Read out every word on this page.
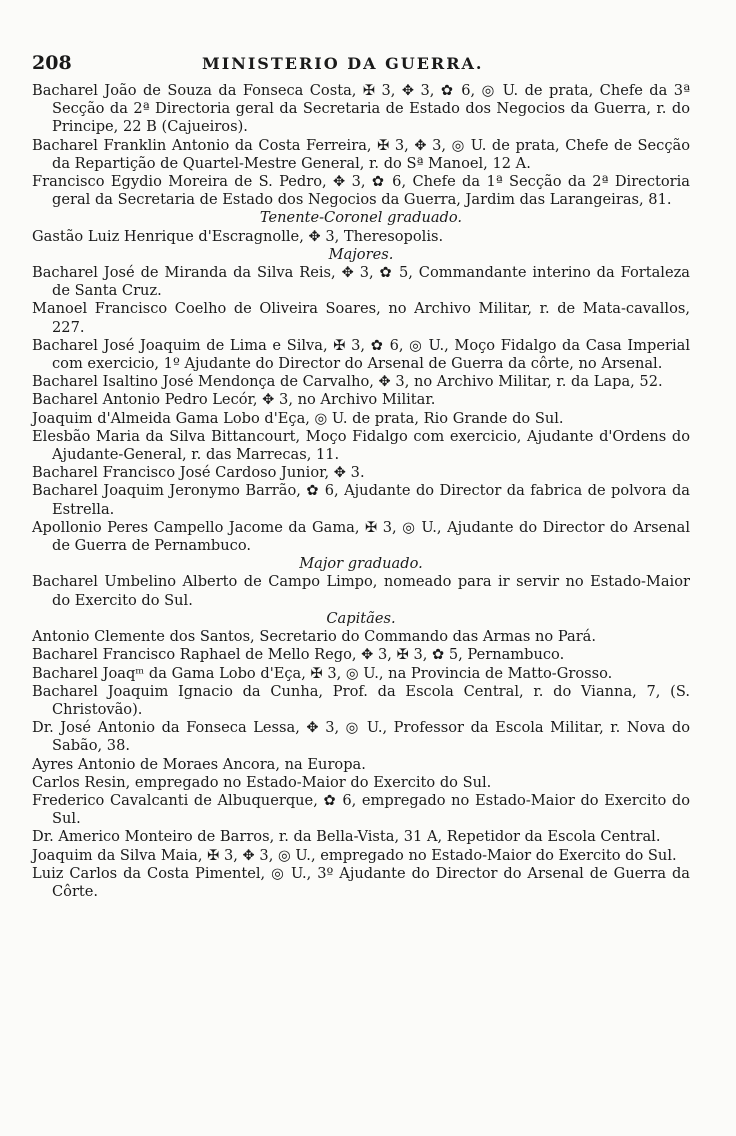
208	MINISTERIO DA GUERRA.

Bacharel João de Souza da Fonseca Costa, ✠ 3, ✥ 3, ✿ 6, ◎ U. de prata, Chefe da 3ª Secção da 2ª Directoria geral da Secretaria de Estado dos Negocios da Guerra, r. do Principe, 22 B (Cajueiros).

Bacharel Franklin Antonio da Costa Ferreira, ✠ 3, ✥ 3, ◎ U. de prata, Chefe de Secção da Repartição de Quartel-Mestre General, r. do Sª Manoel, 12 A.

Francisco Egydio Moreira de S. Pedro, ✥ 3, ✿ 6, Chefe da 1ª Secção da 2ª Directoria geral da Secretaria de Estado dos Negocios da Guerra, Jardim das Larangeiras, 81.

Tenente-Coronel graduado.

Gastão Luiz Henrique d'Escragnolle, ✥ 3, Theresopolis.

Majores.

Bacharel José de Miranda da Silva Reis, ✥ 3, ✿ 5, Commandante interino da Fortaleza de Santa Cruz.

Manoel Francisco Coelho de Oliveira Soares, no Archivo Militar, r. de Mata-cavallos, 227.

Bacharel José Joaquim de Lima e Silva, ✠ 3, ✿ 6, ◎ U., Moço Fidalgo da Casa Imperial com exercicio, 1º Ajudante do Director do Arsenal de Guerra da côrte, no Arsenal.

Bacharel Isaltino José Mendonça de Carvalho, ✥ 3, no Archivo Militar, r. da Lapa, 52.

Bacharel Antonio Pedro Lecór, ✥ 3, no Archivo Militar.

Joaquim d'Almeida Gama Lobo d'Eça, ◎ U. de prata, Rio Grande do Sul.

Elesbão Maria da Silva Bittancourt, Moço Fidalgo com exercicio, Ajudante d'Ordens do Ajudante-General, r. das Marrecas, 11.

Bacharel Francisco José Cardoso Junior, ✥ 3.

Bacharel Joaquim Jeronymo Barrão, ✿ 6, Ajudante do Director da fabrica de polvora da Estrella.

Apollonio Peres Campello Jacome da Gama, ✠ 3, ◎ U., Ajudante do Director do Arsenal de Guerra de Pernambuco.

Major graduado.

Bacharel Umbelino Alberto de Campo Limpo, nomeado para ir servir no Estado-Maior do Exercito do Sul.

Capitães.

Antonio Clemente dos Santos, Secretario do Commando das Armas no Pará.

Bacharel Francisco Raphael de Mello Rego, ✥ 3, ✠ 3, ✿ 5, Pernambuco.

Bacharel Joaqᵐ da Gama Lobo d'Eça, ✠ 3, ◎ U., na Provincia de Matto-Grosso.

Bacharel Joaquim Ignacio da Cunha, Prof. da Escola Central, r. do Vianna, 7, (S. Christovão).

Dr. José Antonio da Fonseca Lessa, ✥ 3, ◎ U., Professor da Escola Militar, r. Nova do Sabão, 38.

Ayres Antonio de Moraes Ancora, na Europa.

Carlos Resin, empregado no Estado-Maior do Exercito do Sul.

Frederico Cavalcanti de Albuquerque, ✿ 6, empregado no Estado-Maior do Exercito do Sul.

Dr. Americo Monteiro de Barros, r. da Bella-Vista, 31 A, Repetidor da Escola Central.

Joaquim da Silva Maia, ✠ 3, ✥ 3, ◎ U., empregado no Estado-Maior do Exercito do Sul.

Luiz Carlos da Costa Pimentel, ◎ U., 3º Ajudante do Director do Arsenal de Guerra da Côrte.
